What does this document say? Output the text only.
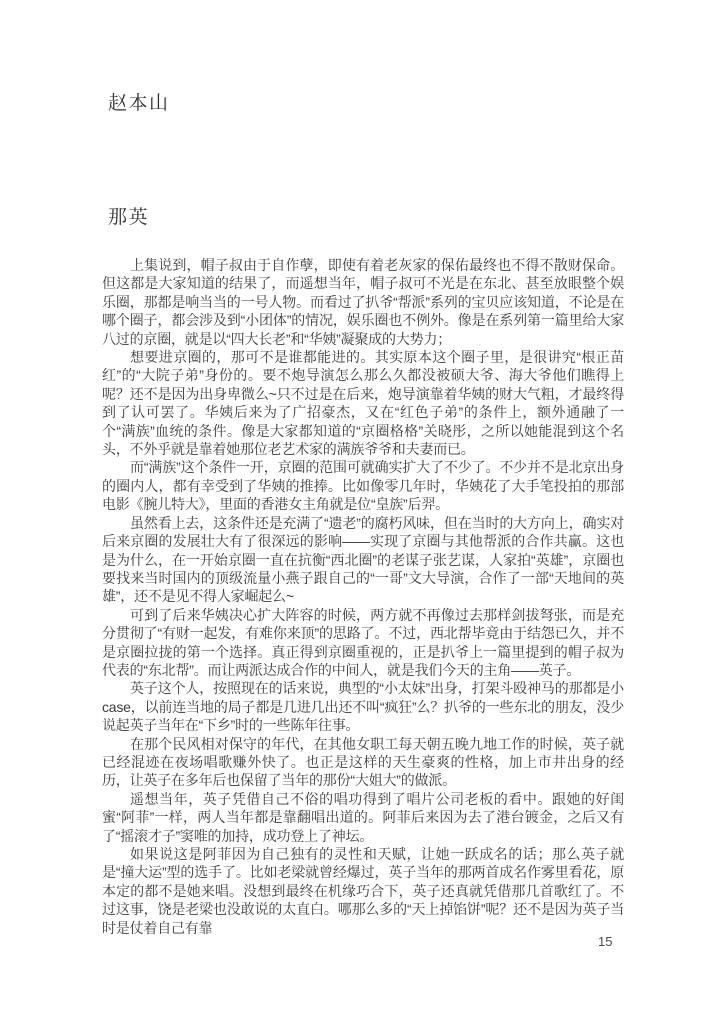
赵本山
那英

上集说到，帽子叔由于自作孽，即使有着老灰家的保佑最终也不得不散财保命。但这都是大家知道的结果了，而遥想当年，帽子叔可不光是在东北、甚至放眼整个娱乐圈，那都是响当当的一号人物。而看过了扒爷“帮派”系列的宝贝应该知道，不论是在哪个圈子，都会涉及到“小团体”的情况，娱乐圈也不例外。像是在系列第一篇里给大家八过的京圈，就是以“四大长老”和“华姨”凝聚成的大势力；

想要进京圈的，那可不是谁都能进的。其实原本这个圈子里，是很讲究“根正苗红”的“大院子弟”身份的。要不炮导演怎么那么久都没被硕大爷、海大爷他们瞧得上呢？还不是因为出身卑微么~只不过是在后来，炮导演靠着华姨的财大气粗，才最终得到了认可罢了。华姨后来为了广招豪杰，又在“红色子弟”的条件上，额外通融了一个“满族”血统的条件。像是大家都知道的“京圈格格”关晓彤，之所以她能混到这个名头，不外乎就是靠着她那位老艺术家的满族爷爷和夫妻而已。

而“满族”这个条件一开，京圈的范围可就确实扩大了不少了。不少并不是北京出身的圈内人，都有幸受到了华姨的推捧。比如像零几年时，华姨花了大手笔投拍的那部电影《腕儿特大》，里面的香港女主角就是位“皇族”后羿。

虽然看上去，这条件还是充满了“遗老”的腐朽风味，但在当时的大方向上，确实对后来京圈的发展壮大有了很深远的影响——实现了京圈与其他帮派的合作共赢。这也是为什么，在一开始京圈一直在抗衡“西北圈”的老谋子张艺谋，人家拍“英雄”，京圈也要找来当时国内的顶级流量小燕子跟自己的“一哥”文大导演，合作了一部“天地间的英雄”，还不是见不得人家崛起么~

可到了后来华姨决心扩大阵容的时候，两方就不再像过去那样剑拔弩张，而是充分贯彻了“有财一起发，有难你来顶”的思路了。不过，西北帮毕竟由于结怨已久，并不是京圈拉拢的第一个选择。真正得到京圈重视的，正是扒爷上一篇里提到的帽子叔为代表的“东北帮”。而让两派达成合作的中间人，就是我们今天的主角——英子。

英子这个人，按照现在的话来说，典型的“小太妹”出身，打架斗殴神马的那都是小case，以前连当地的局子都是几进几出还不叫“疯狂”么？扒爷的一些东北的朋友，没少说起英子当年在“下乡”时的一些陈年往事。

在那个民风相对保守的年代，在其他女职工每天朝五晚九地工作的时候，英子就已经混迹在夜场唱歌赚外快了。也正是这样的天生豪爽的性格，加上市井出身的经历，让英子在多年后也保留了当年的那份“大姐大”的做派。

遥想当年，英子凭借自己不俗的唱功得到了唱片公司老板的看中。跟她的好闺蜜“阿菲”一样，两人当年都是靠翻唱出道的。阿菲后来因为去了港台镀金，之后又有了“摇滚才子”窦唯的加持，成功登上了神坛。

如果说这是阿菲因为自己独有的灵性和天赋，让她一跃成名的话；那么英子就是“撞大运”型的选手了。比如老梁就曾经爆过，英子当年的那两首成名作雾里看花，原本定的都不是她来唱。没想到最终在机缘巧合下，英子还真就凭借那几首歌红了。不过这事，饶是老梁也没敢说的太直白。哪那么多的“天上掉馅饼”呢？还不是因为英子当时是仗着自己有靠

15
